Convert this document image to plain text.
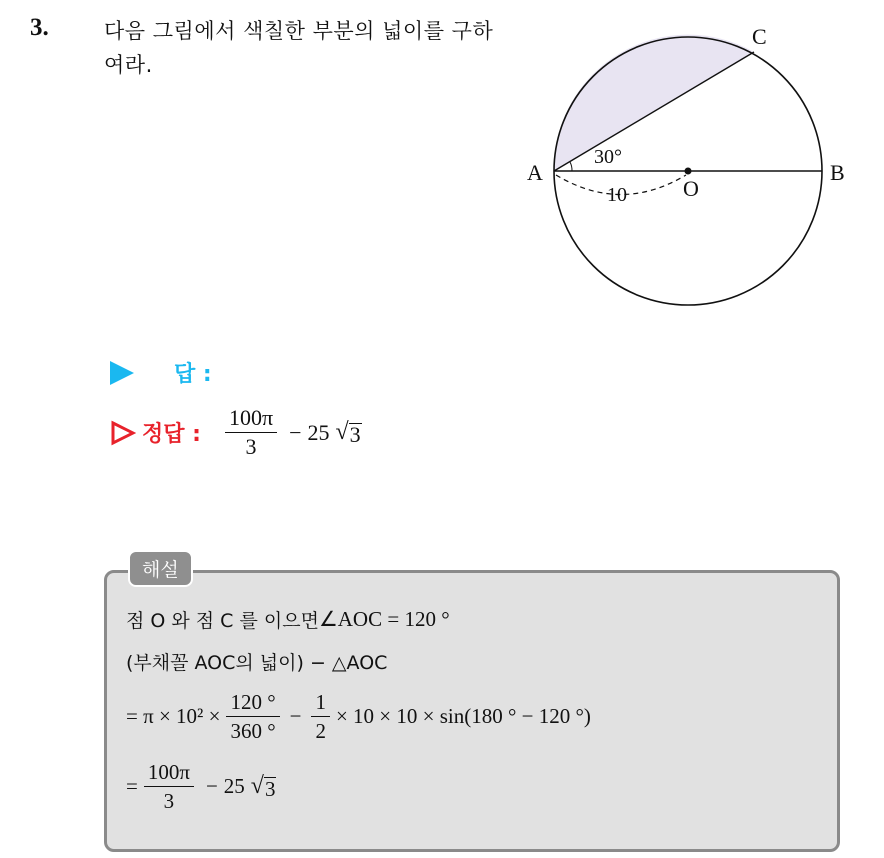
3.	다음 그림에서 색칠한 부분의 넓이를 구하여라.
A	B
C
O
30°
10
답 :
정답 : $\frac{100\pi}{3} - 25$ √ 3
해설
점 O 와 점 C 를 이으면 ∠AOC = 120 °
(부채꼴 AOC의 넓이) − △AOC
= $\pi \times 10^2 \times \frac{120 ^\circ}{360 ^\circ} - \frac{1}{2} \times 10 \times 10 \times \sin(180$ ° − 120 °)
= $\frac{100\pi}{3} - 25$ √ 3
